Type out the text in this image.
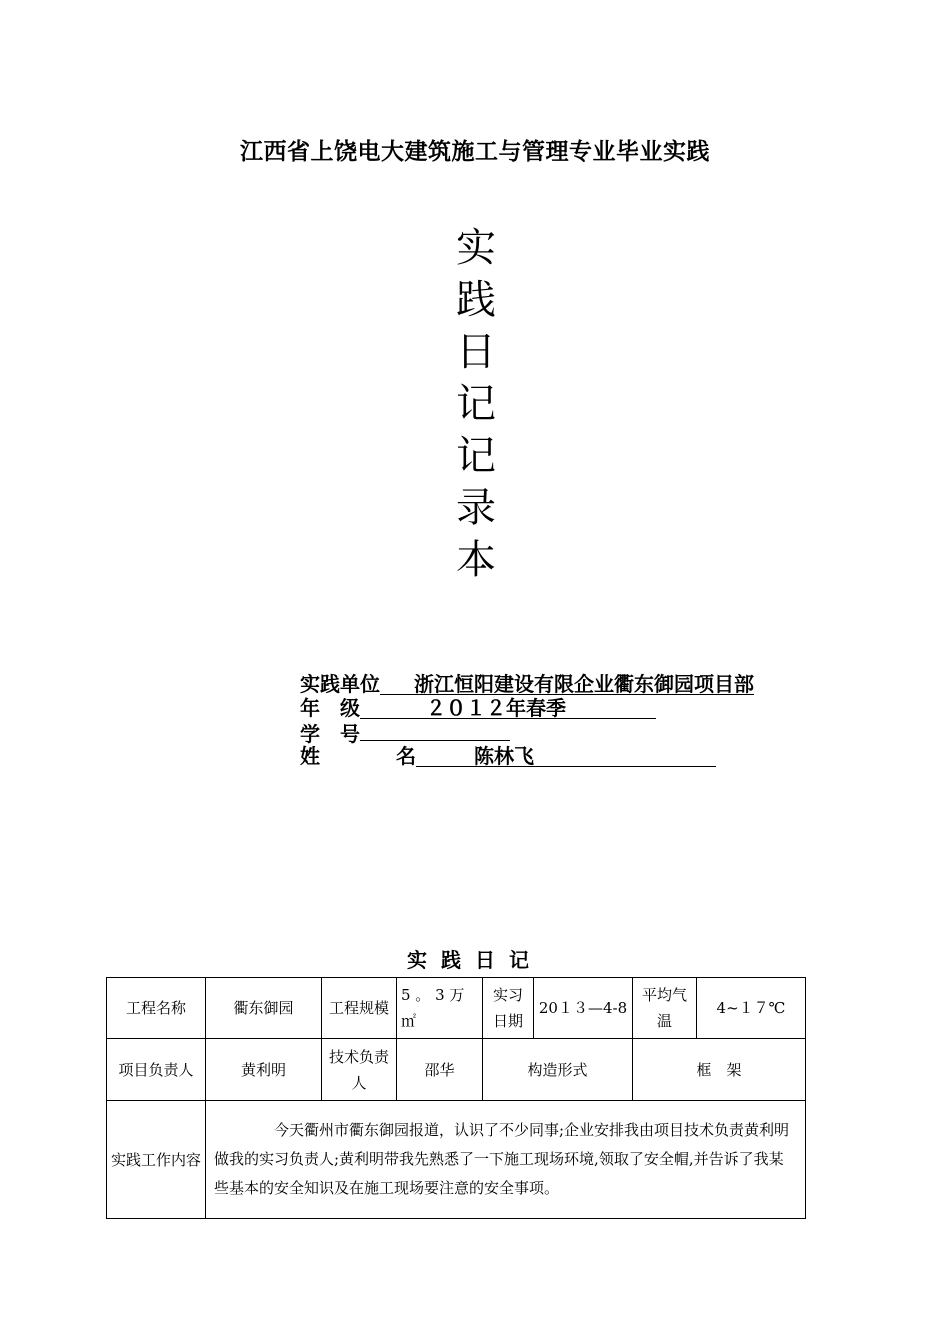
江西省上饶电大建筑施工与管理专业毕业实践
实
践
日
记
记
录
本
实践单位 浙江恒阳建设有限企业衢东御园项目部
年　级	２０１２年春季
学　号
姓	名	陈林飞
实践日记
工程名称	衢东御园	工程规模	5 。 3 万 ㎡	实习日期	20１３—4-8	平均气温	4~１７℃
项目负责人	黄利明	技术负责人	邵华	构造形式		框　架	
实践工作内容	今天衢州市衢东御园报道，认识了不少同事;企业安排我由项目技术负责黄利明做我的实习负责人;黄利明带我先熟悉了一下施工现场环境,领取了安全帽,并告诉了我某些基本的安全知识及在施工现场要注意的安全事项。						
